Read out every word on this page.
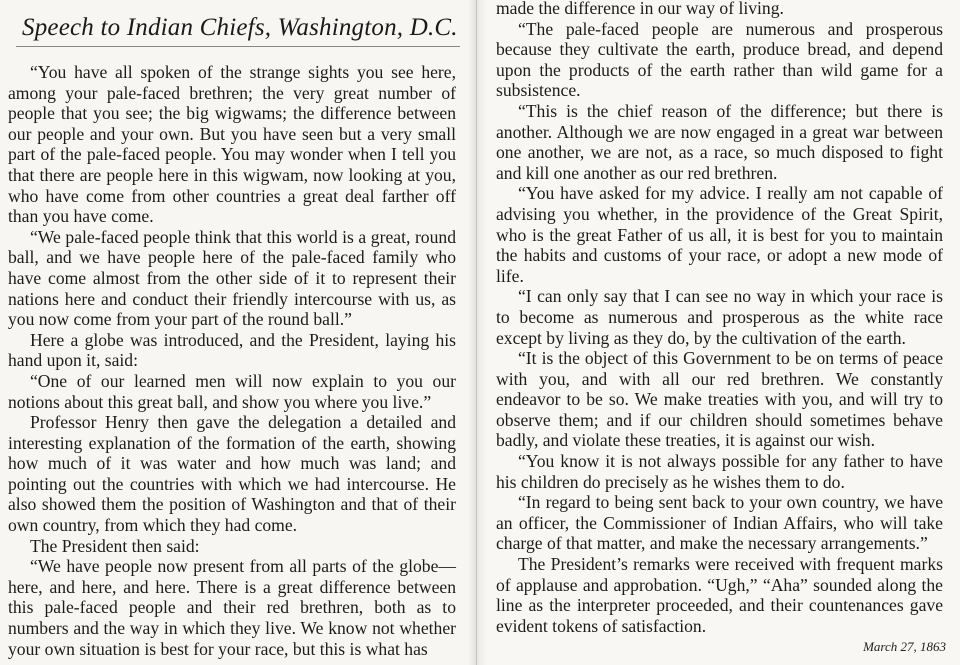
Speech to Indian Chiefs, Washington, D.C.

“You have all spoken of the strange sights you see here, among your pale-faced brethren; the very great number of people that you see; the big wigwams; the difference between our people and your own. But you have seen but a very small part of the pale-faced people. You may wonder when I tell you that there are people here in this wigwam, now looking at you, who have come from other countries a great deal farther off than you have come.

“We pale-faced people think that this world is a great, round ball, and we have people here of the pale-faced family who have come almost from the other side of it to represent their nations here and conduct their friendly intercourse with us, as you now come from your part of the round ball.”

Here a globe was introduced, and the President, laying his hand upon it, said:

“One of our learned men will now explain to you our notions about this great ball, and show you where you live.”

Professor Henry then gave the delegation a detailed and interesting explanation of the formation of the earth, showing how much of it was water and how much was land; and pointing out the countries with which we had intercourse. He also showed them the position of Washington and that of their own country, from which they had come.

The President then said:

“We have people now present from all parts of the globe—here, and here, and here. There is a great difference between this pale-faced people and their red brethren, both as to numbers and the way in which they live. We know not whether your own situation is best for your race, but this is what has	March 27, 1863

made the difference in our way of living.

“The pale-faced people are numerous and prosperous because they cultivate the earth, produce bread, and depend upon the products of the earth rather than wild game for a subsistence.

“This is the chief reason of the difference; but there is another. Although we are now engaged in a great war between one another, we are not, as a race, so much disposed to fight and kill one another as our red brethren.

“You have asked for my advice. I really am not capable of advising you whether, in the providence of the Great Spirit, who is the great Father of us all, it is best for you to maintain the habits and customs of your race, or adopt a new mode of life.

“I can only say that I can see no way in which your race is to become as numerous and prosperous as the white race except by living as they do, by the cultivation of the earth.

“It is the object of this Government to be on terms of peace with you, and with all our red brethren. We constantly endeavor to be so. We make treaties with you, and will try to observe them; and if our children should sometimes behave badly, and violate these treaties, it is against our wish.

“You know it is not always possible for any father to have his children do precisely as he wishes them to do.

“In regard to being sent back to your own country, we have an officer, the Commissioner of Indian Affairs, who will take charge of that matter, and make the necessary arrangements.”

The President’s remarks were received with frequent marks of applause and approbation. “Ugh,” “Aha” sounded along the line as the interpreter proceeded, and their countenances gave evident tokens of satisfaction.
